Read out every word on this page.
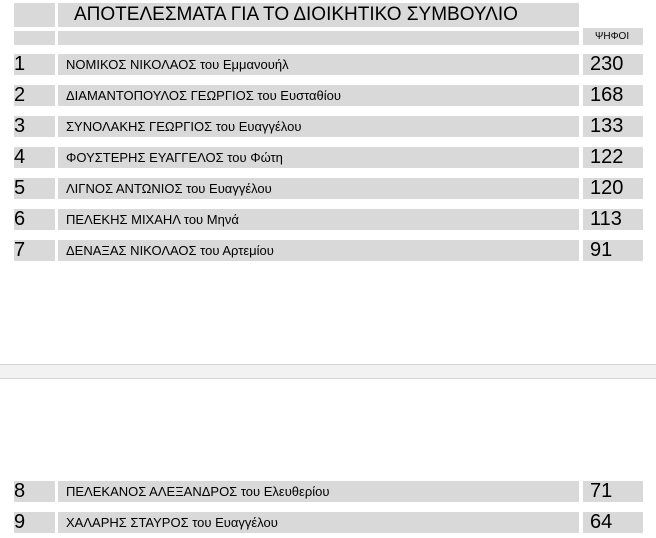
ΑΠΟΤΕΛΕΣΜΑΤΑ ΓΙΑ ΤΟ ΔΙΟΙΚΗΤΙΚΟ ΣΥΜΒΟΥΛΙΟ
ΨΗΦΟΙ
1	ΝΟΜΙΚΟΣ ΝΙΚΟΛΑΟΣ του Εμμανουήλ	230
2	ΔΙΑΜΑΝΤΟΠΟΥΛΟΣ ΓΕΩΡΓΙΟΣ του Ευσταθίου	168
3	ΣΥΝΟΛΑΚΗΣ ΓΕΩΡΓΙΟΣ του Ευαγγέλου	133
4	ΦΟΥΣΤΕΡΗΣ ΕΥΑΓΓΕΛΟΣ του Φώτη	122
5	ΛΙΓΝΟΣ ΑΝΤΩΝΙΟΣ του Ευαγγέλου	120
6	ΠΕΛΕΚΗΣ ΜΙΧΑΗΛ του Μηνά	113
7	ΔΕΝΑΞΑΣ ΝΙΚΟΛΑΟΣ του Αρτεμίου	91
8	ΠΕΛΕΚΑΝΟΣ ΑΛΕΞΑΝΔΡΟΣ του Ελευθερίου	71
9	ΧΑΛΑΡΗΣ ΣΤΑΥΡΟΣ του Ευαγγέλου	64
